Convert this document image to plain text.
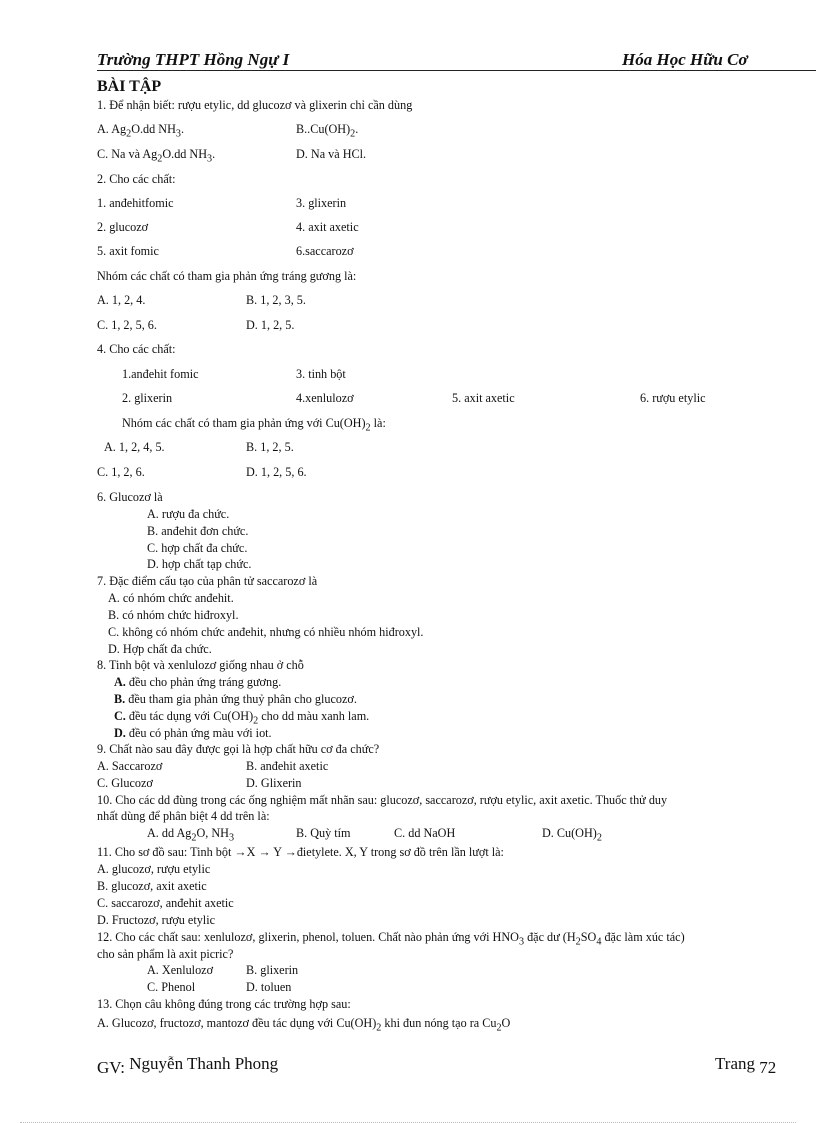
Trường THPT Hồng Ngự I	Hóa Học Hữu Cơ
BÀI TẬP
1. Để nhận biết: rượu etylic, dd glucozơ và glixerin chỉ cần dùng
A. $Ag_2O.dd$ $NH_3$.	$B..Cu(OH)_2$.
C. Na và $Ag_2O.dd$ $NH_3$.	D. Na và HCl.
2. Cho các chất:
1. anđehitfomic	3. glixerin
2. glucozơ	4. axit axetic
5. axit fomic	6.saccarozơ
Nhóm các chất có tham gia phản ứng tráng gương là:
A. 1, 2, 4.	B. 1, 2, 3, 5.
C. 1, 2, 5, 6.	D. 1, 2, 5.
4. Cho các chất:
1.anđehit fomic	3. tinh bột
2. glixerin	4.xenlulozơ	5. axit axetic	6. rượu etylic
Nhóm các chất có tham gia phản ứng với $Cu(OH)_2$ là:
A. 1, 2, 4, 5.	B. 1, 2, 5.
C. 1, 2, 6.	D. 1, 2, 5, 6.
6. Glucozơ là
A. rượu đa chức.
B. anđehit đơn chức.
C. hợp chất đa chức.
D. hợp chất tạp chức.
7. Đặc điểm cấu tạo của phân tử saccarozơ là
A. có nhóm chức anđehit.
B. có nhóm chức hiđroxyl.
C. không có nhóm chức anđehit, nhưng có nhiều nhóm hiđroxyl.
D. Hợp chất đa chức.
8. Tinh bột và xenlulozơ giống nhau ở chỗ
A. đều cho phản ứng tráng gương.
B. đều tham gia phản ứng thuỷ phân cho glucozơ.
C. đều tác dụng với $Cu(OH)_2$ cho dd màu xanh lam.
D. đều có phản ứng màu với iot.
9. Chất nào sau đây được gọi là hợp chất hữu cơ đa chức?
A. Saccarozơ	B. anđehit axetic
C. Glucozơ	D. Glixerin
10. Cho các dd đùng trong các ống nghiệm mất nhãn sau: glucozơ, saccarozơ, rượu etylic, axit axetic. Thuốc thử duy
nhất dùng để phân biệt 4 dd trên là:
A. dd $Ag_2O$, $NH_3$	B. Quỳ tím	C. dd NaOH	D. $Cu(OH)_2$
11. Cho sơ đồ sau: Tinh bột →X → Y →đietylete. X, Y trong sơ đồ trên lần lượt là:
A. glucozơ, rượu etylic
B. glucozơ, axit axetic
C. saccarozơ, anđehit axetic
D. Fructozơ, rượu etylic
12. Cho các chất sau: xenlulozơ, glixerin, phenol, toluen. Chất nào phản ứng với $HNO_3$ đặc dư ($H_2SO_4$ đặc làm xúc tác)
cho sản phẩm là axit picric?
A. Xenlulozơ	B. glixerin
C. Phenol	D. toluen
13. Chọn câu không đúng trong các trường hợp sau:
A. Glucozơ, fructozơ, mantozơ đều tác dụng với $Cu(OH)_2$ khi đun nóng tạo ra $Cu_2O$
GV: Nguyễn Thanh Phong	Trang 72
